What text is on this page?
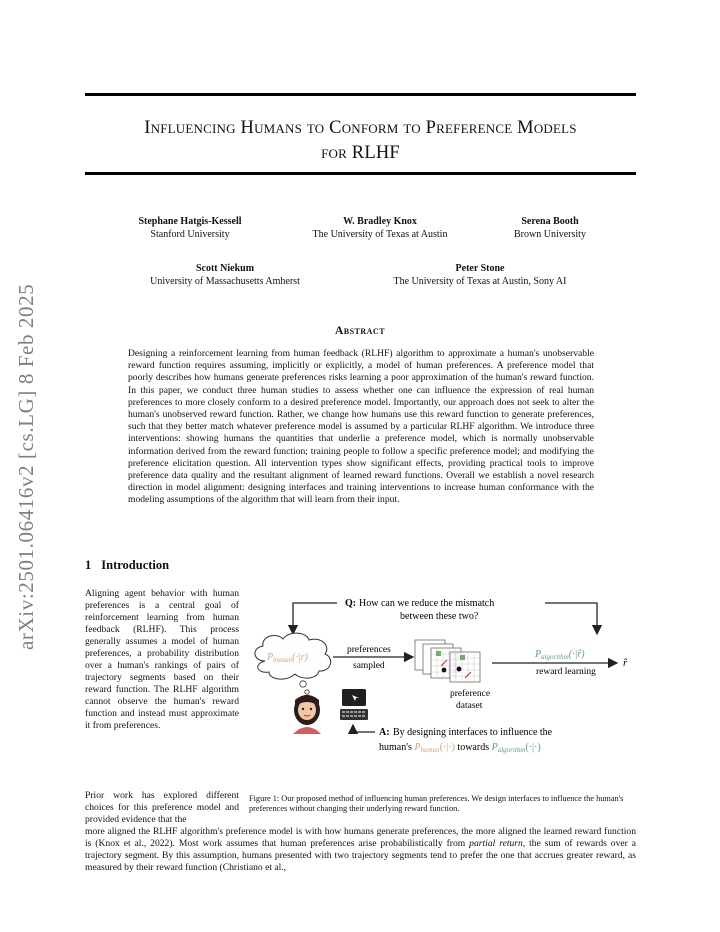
arXiv:2501.06416v2 [cs.LG] 8 Feb 2025
Influencing Humans to Conform to Preference Models
for RLHF
Stephane Hatgis-Kessell
Stanford University
W. Bradley Knox
The University of Texas at Austin
Serena Booth
Brown University
Scott Niekum
University of Massachusetts Amherst
Peter Stone
The University of Texas at Austin, Sony AI
Abstract
Designing a reinforcement learning from human feedback (RLHF) algorithm to approximate a human's unobservable reward function requires assuming, implicitly or explicitly, a model of human preferences. A preference model that poorly describes how humans generate preferences risks learning a poor approximation of the human's reward function. In this paper, we conduct three human studies to assess whether one can influence the expression of real human preferences to more closely conform to a desired preference model. Importantly, our approach does not seek to alter the human's unobserved reward function. Rather, we change how humans use this reward function to generate preferences, such that they better match whatever preference model is assumed by a particular RLHF algorithm. We introduce three interventions: showing humans the quantities that underlie a preference model, which is normally unobservable information derived from the reward function; training people to follow a specific preference model; and modifying the preference elicitation question. All intervention types show significant effects, providing practical tools to improve preference data quality and the resultant alignment of learned reward functions. Overall we establish a novel research direction in model alignment: designing interfaces and training interventions to increase human conformance with the modeling assumptions of the algorithm that will learn from their input.
1 Introduction
Aligning agent behavior with human preferences is a central goal of reinforcement learning from human feedback (RLHF). This process generally assumes a model of human preferences, a probability distribution over a human's rankings of pairs of trajectory segments based on their reward function. The RLHF algorithm cannot observe the human's reward function and instead must approximate it from preferences.
Prior work has explored different choices for this preference model and provided evidence that the
more aligned the RLHF algorithm's preference model is with how humans generate preferences, the more aligned the learned reward function is (Knox et al., 2022). Most work assumes that human preferences arise probabilistically from partial return, the sum of rewards over a trajectory segment. By this assumption, humans presented with two trajectory segments tend to prefer the one that accrues greater reward, as measured by their reward function (Christiano et al.,
Q: How can we reduce the mismatch
between these two?
$P_{human}(\cdot|r)$
preferences
sampled
preference
dataset
$P_{algorithm}(\cdot|r̂)$
reward learning
r̂
A: By designing interfaces to influence the
human's $P_{human}(\cdot|\cdot)$ towards $P_{algorithm}(\cdot|\cdot)$
Figure 1: Our proposed method of influencing human preferences. We design interfaces to influence the human's preferences without changing their underlying reward function.
